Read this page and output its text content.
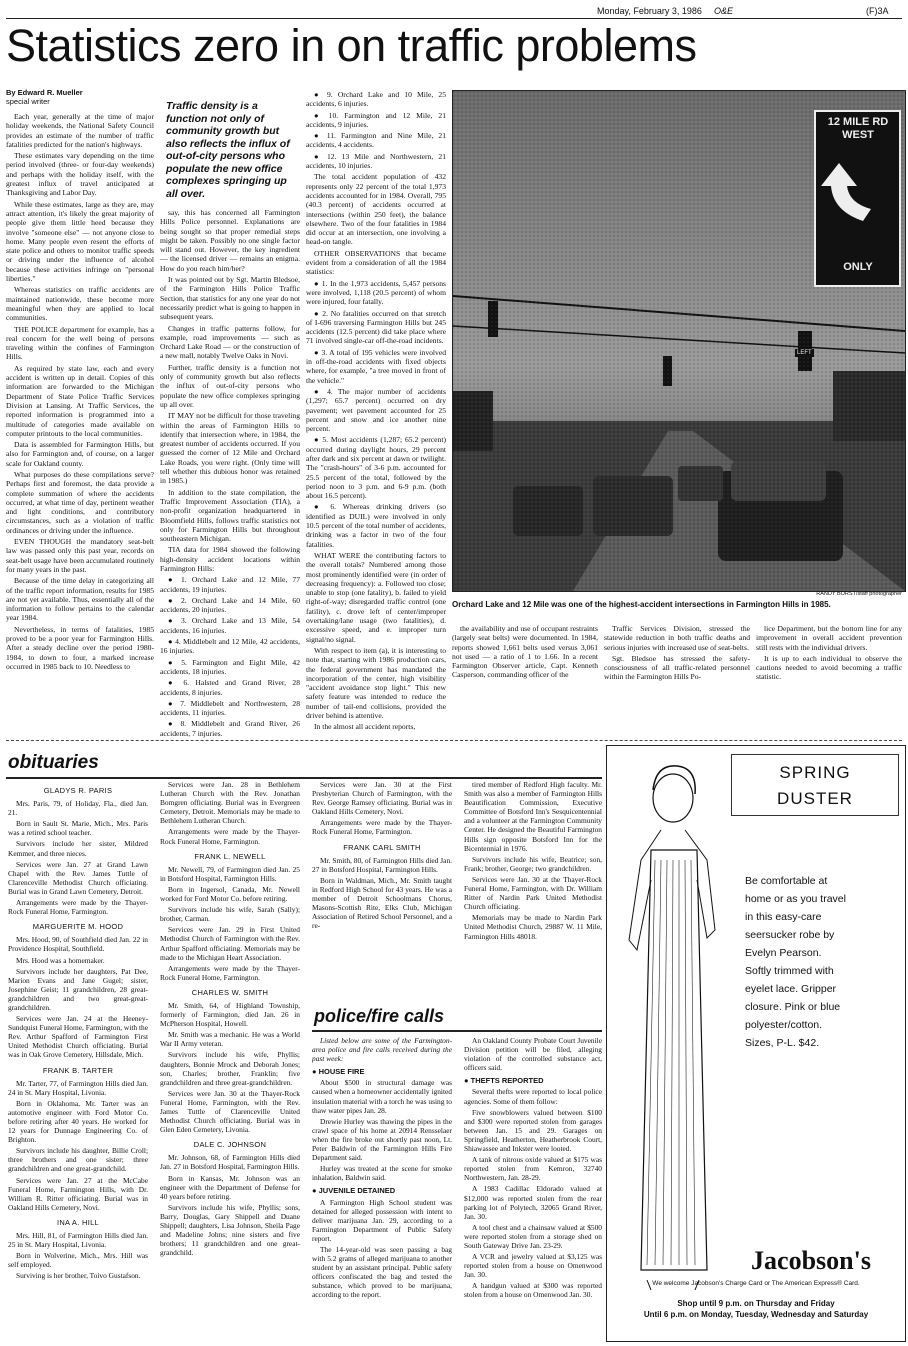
Monday, February 3, 1986 O&E	(F)3A
Statistics zero in on traffic problems
By Edward R. Mueller
special writer

Each year, generally at the time of major holiday weekends, the National Safety Council provides an estimate of the number of traffic fatalities predicted for the nation's highways.

These estimates vary depending on the time period involved (three- or four-day weekends) and perhaps with the holiday itself, with the greatest influx of travel anticipated at Thanksgiving and Labor Day.

While these estimates, large as they are, may attract attention, it's likely the great majority of people give them little heed because they involve "someone else" — not anyone close to home. Many people even resent the efforts of state police and others to monitor traffic speeds or driving under the influence of alcohol because these activities infringe on "personal liberties."

Whereas statistics on traffic accidents are maintained nationwide, these become more meaningful when they are applied to local communities.

THE POLICE department for example, has a real concern for the well being of persons traveling within the confines of Farmington Hills.

As required by state law, each and every accident is written up in detail. Copies of this information are forwarded to the Michigan Department of State Police Traffic Services Division at Lansing. At Traffic Services, the reported information is programmed into a multitude of categories made available on computer printouts to the local communities.

Data is assembled for Farmington Hills, but also for Farmington and, of course, on a larger scale for Oakland county.

What purposes do these compilations serve? Perhaps first and foremost, the data provide a complete summation of where the accidents occurred, at what time of day, pertinent weather and light conditions, and contributory circumstances, such as a violation of traffic ordinances or driving under the influence.

EVEN THOUGH the mandatory seat-belt law was passed only this past year, records on seat-belt usage have been accumulated routinely for many years in the past.

Because of the time delay in categorizing all of the traffic report information, results for 1985 are not yet available. Thus, essentially all of the information to follow pertains to the calendar year 1984.

Nevertheless, in terms of fatalities, 1985 proved to be a poor year for Farmington Hills. After a steady decline over the period 1980-1984, to down to four, a marked increase occurred in 1985 back to 10. Needless to

Traffic density is a function not only of community growth but also reflects the influx of out-of-city persons who populate the new office complexes springing up all over.

say, this has concerned all Farmington Hills Police personnel. Explanations are being sought so that proper remedial steps might be taken. Possibly no one single factor will stand out. However, the key ingredient — the licensed driver — remains an enigma. How do you reach him/her?

It was pointed out by Sgt. Martin Bledsoe, of the Farmington Hills Police Traffic Section, that statistics for any one year do not necessarily predict what is going to happen in subsequent years.

Changes in traffic patterns follow, for example, road improvements — such as Orchard Lake Road — or the construction of a new mall, notably Twelve Oaks in Novi.

Further, traffic density is a function not only of community growth but also reflects the influx of out-of-city persons who populate the new office complexes springing up all over.

IT MAY not be difficult for those traveling within the areas of Farmington Hills to identify that intersection where, in 1984, the greatest number of accidents occurred. If you guessed the corner of 12 Mile and Orchard Lake Roads, you were right. (Only time will tell whether this dubious honor was retained in 1985.)

In addition to the state compilation, the Traffic Improvement Association (TIA), a non-profit organization headquartered in Bloomfield Hills, follows traffic statistics not only for Farmington Hills but throughout southeastern Michigan.

TIA data for 1984 showed the following high-density accident locations within Farmington Hills:

● 1. Orchard Lake and 12 Mile, 77 accidents, 19 injuries.

● 2. Orchard Lake and 14 Mile, 60 accidents, 20 injuries.

● 3. Orchard Lake and 13 Mile, 54 accidents, 16 injuries.

● 4. Middlebelt and 12 Mile, 42 accidents, 16 injuries.

● 5. Farmington and Eight Mile, 42 accidents, 18 injuries.

● 6. Halsted and Grand River, 28 accidents, 8 injuries.

● 7. Middlebelt and Northwestern, 28 accidents, 11 injuries.

● 8. Middlebelt and Grand River, 26 accidents, 7 injuries.

● 9. Orchard Lake and 10 Mile, 25 accidents, 6 injuries.

● 10. Farmington and 12 Mile, 21 accidents, 9 injuries.

● 11. Farmington and Nine Mile, 21 accidents, 4 accidents.

● 12. 13 Mile and Northwestern, 21 accidents, 10 injuries.

The total accident population of 432 represents only 22 percent of the total 1,973 accidents accounted for in 1984. Overall, 795 (40.3 percent) of accidents occurred at intersections (within 250 feet), the balance elsewhere. Two of the four fatalities in 1984 did occur at an intersection, one involving a head-on tangle.

OTHER OBSERVATIONS that became evident from a consideration of all the 1984 statistics:

● 1. In the 1,973 accidents, 5,457 persons were involved, 1,118 (20.5 percent) of whom were injured, four fatally.

● 2. No fatalities occurred on that stretch of I-696 traversing Farmington Hills but 245 accidents (12.5 percent) did take place where 71 involved single-car off-the-road incidents.

● 3. A total of 195 vehicles were involved in off-the-road accidents with fixed objects where, for example, "a tree moved in front of the vehicle."

● 4. The major number of accidents (1,297; 65.7 percent) occurred on dry pavement; wet pavement accounted for 25 percent and snow and ice another nine percent.

● 5. Most accidents (1,287; 65.2 percent) occurred during daylight hours, 29 percent after dark and six percent at dawn or twilight. The "crash-hours" of 3-6 p.m. accounted for 25.5 percent of the total, followed by the period noon to 3 p.m. and 6-9 p.m. (both about 16.5 percent).

● 6. Whereas drinking drivers (so identified as DUIL) were involved in only 10.5 percent of the total number of accidents, drinking was a factor in two of the four fatalities.

WHAT WERE the contributing factors to the overall totals? Numbered among those most prominently identified were (in order of decreasing frequency): a. Followed too close; unable to stop (one fatality), b. failed to yield right-of-way; disregarded traffic control (one fatility), c. drove left of center/improper overtaking/lane usage (two fatalities), d. excessive speed, and e. improper turn signal/no signal.

With respect to item (a), it is interesting to note that, starting with 1986 production cars, the federal government has mandated the incorporation of the center, high visibility "accident avoidance stop light." This new safety feature was intended to reduce the number of tail-end collisions, provided the driver behind is attentive.

In the almost all accident reports,

12 MILE RD
WEST
ONLY
LEFT
RANDY BORST/staff photographer
Orchard Lake and 12 Mile was one of the highest-accident intersections in Farmington Hills in 1985.

the availability and use of occupant restraints (largely seat belts) were documented. In 1984, reports showed 1,661 belts used versus 3,061 not used — a ratio of 1 to 1.66. In a recent Farmington Observer article, Capt. Kenneth Casperson, commanding officer of the

Traffic Services Division, stressed the statewide reduction in both traffic deaths and serious injuries with increased use of seat-belts.

Sgt. Bledsoe has stressed the safety-consciousness of all traffic-related personnel within the Farmington Hills Po-

lice Department, but the bottom line for any improvement in overall accident prevention still rests with the individual drivers.

It is up to each individual to observe the cautions needed to avoid becoming a traffic statistic.

obituaries
GLADYS R. PARIS

Mrs. Paris, 79, of Holiday, Fla., died Jan. 21.

Born in Sault St. Marie, Mich., Mrs. Paris was a retired school teacher.

Survivors include her sister, Mildred Kemmer, and three nieces.

Services were Jan. 27 at Grand Lawn Chapel with the Rev. James Tuttle of Clarenceville Methodist Church officiating. Burial was in Grand Lawn Cemetery, Detroit.

Arrangements were made by the Thayer-Rock Funeral Home, Farmington.

MARGUERITE M. HOOD

Mrs. Hood, 90, of Southfield died Jan. 22 in Providence Hospital, Southfield.

Mrs. Hood was a homemaker.

Survivors include her daughters, Pat Dee, Marion Evans and Jane Gugel; sister, Josephine Geist; 11 grandchildren, 28 great-grandchildren and two great-great-grandchildren.

Services were Jan. 24 at the Heeney-Sundquist Funeral Home, Farmington, with the Rev. Arthur Spafford of Farmington First United Methodist Church officiating. Burial was in Oak Grove Cemetery, Hillsdale, Mich.

FRANK B. TARTER

Mr. Tarter, 77, of Farmington Hills died Jan. 24 in St. Mary Hospital, Livonia.

Born in Oklahoma, Mr. Tarter was an automotive engineer with Ford Motor Co. before retiring after 40 years. He worked for 12 years for Dunnage Engineering Co. of Brighton.

Survivors include his daughter, Billie Croll; three brothers and one sister; three grandchildren and one great-grandchild.

Services were Jan. 27 at the McCabe Funeral Home, Farmington Hills, with Dr. William R. Ritter officiating. Burial was in Oakland Hills Cemetery, Novi.

INA A. HILL

Mrs. Hill, 81, of Farmington Hills died Jan. 25 in St. Mary Hospital, Livonia.

Born in Wolverine, Mich., Mrs. Hill was self employed.

Surviving is her brother, Toivo Gustafson.

Services were Jan. 28 in Bethlehem Lutheran Church with the Rev. Jonathan Bomgren officiating. Burial was in Evergreen Cemetery, Detroit. Memorials may be made to Bethlehem Lutheran Church.

Arrangements were made by the Thayer-Rock Funeral Home, Farmington.

FRANK L. NEWELL

Mr. Newell, 79, of Farmington died Jan. 25 in Botsford Hospital, Farmington Hills.

Born in Ingersol, Canada, Mr. Newell worked for Ford Motor Co. before retiring.

Survivors include his wife, Sarah (Sally); brother, Carman.

Services were Jan. 29 in First United Methodist Church of Farmington with the Rev. Arthur Spafford officiating. Memorials may be made to the Michigan Heart Association.

Arrangements were made by the Thayer-Rock Funeral Home, Farmington.

CHARLES W. SMITH

Mr. Smith, 64, of Highland Township, formerly of Farmington, died Jan. 26 in McPherson Hospital, Howell.

Mr. Smith was a mechanic. He was a World War II Army veteran.

Survivors include his wife, Phyllis; daughters, Bonnie Mrock and Deborah Jones; son, Charles; brother, Franklin; five grandchildren and three great-grandchildren.

Services were Jan. 30 at the Thayer-Rock Funeral Home, Farmington, with the Rev. James Tuttle of Clarenceville United Methodist Church officiating. Burial was in Glen Eden Cemetery, Livonia.

DALE C. JOHNSON

Mr. Johnson, 68, of Farmington Hills died Jan. 27 in Botsford Hospital, Farmington Hills.

Born in Kansas, Mr. Johnson was an engineer with the Department of Defense for 40 years before retiring.

Survivors include his wife, Phyllis; sons, Barry, Douglas, Gary Shippell and Duane Shippell; daughters, Lisa Johnson, Sheila Page and Madeline Johns; nine sisters and five brothers; 11 grandchildren and one great-grandchild.

Services were Jan. 30 at the First Presbyterian Church of Farmington, with the Rev. George Ramsey officiating. Burial was in Oakland Hills Cemetery, Novi.

Arrangements were made by the Thayer-Rock Funeral Home, Farmington.

FRANK CARL SMITH

Mr. Smith, 80, of Farmington Hills died Jan. 27 in Botsford Hospital, Farmington Hills.

Born in Waldman, Mich., Mr. Smith taught in Redford High School for 43 years. He was a member of Detroit Schoolmans Chorus, Masons-Scottish Rite, Elks Club, Michigan Association of Retired School Personnel, and a re-

tired member of Redford High faculty. Mr. Smith was also a member of Farmington Hills Beautification Commission, Executive Committee of Botsford Inn's Sesquicentennial and a volunteer at the Farmington Community Center. He designed the Beautiful Farmington Hills sign opposite Botsford Inn for the Bicentennial in 1976.

Survivors include his wife, Beatrice; son, Frank; brother, George; two grandchildren.

Services were Jan. 30 at the Thayer-Rock Funeral Home, Farmington, with Dr. William Ritter of Nardin Park United Methodist Church officiating.

Memorials may be made to Nardin Park United Methodist Church, 29887 W. 11 Mile, Farmington Hills 48018.

police/fire calls

Listed below are some of the Farmington-area police and fire calls received during the past week:

● HOUSE FIRE

About $500 in structural damage was caused when a homeowner accidentally ignited insulation material with a torch he was using to thaw water pipes Jan. 28.

Drewie Hurley was thawing the pipes in the crawl space of his home at 20914 Rensselaer when the fire broke out shortly past noon, Lt. Peter Baldwin of the Farmington Hills Fire Department said.

Hurley was treated at the scene for smoke inhalation, Baldwin said.

● JUVENILE DETAINED

A Farmington High School student was detained for alleged possession with intent to deliver marijuana Jan. 29, according to a Farmington Department of Public Safety report.

The 14-year-old was seen passing a bag with 5.2 grams of alleged marijuana to another student by an assistant principal. Public safety officers confiscated the bag and tested the substance, which proved to be marijuana, according to the report.

An Oakland County Probate Court Juvenile Division petition will be filed, alleging violation of the controlled substance act, officers said.

● THEFTS REPORTED

Several thefts were reported to local police agencies. Some of them follow:

Five snowblowers valued between $100 and $300 were reported stolen from garages between Jan. 15 and 29. Garages on Springfield, Heatherton, Heatherbrook Court, Shiawassee and Inkster were looted.

A tank of nitrous oxide valued at $175 was reported stolen from Kemron, 32740 Northwestern, Jan. 28-29.

A 1983 Cadillac Eldorado valued at $12,000 was reported stolen from the rear parking lot of Polytech, 32065 Grand River, Jan. 30.

A tool chest and a chainsaw valued at $500 were reported stolen from a storage shed on South Gateway Drive Jan. 23-29.

A VCR and jewelry valued at $3,125 was reported stolen from a house on Omenwood Jan. 30.

A handgun valued at $300 was reported stolen from a house on Omenwood Jan. 30.

SPRING
DUSTER
Be comfortable at
home or as you travel
in this easy-care
seersucker robe by
Evelyn Pearson.
Softly trimmed with
eyelet lace. Gripper
closure. Pink or blue
polyester/cotton.
Sizes, P-L. $42.
Jacobson's
We welcome Jacobson's Charge Card or The American Express® Card.
Shop until 9 p.m. on Thursday and Friday
Until 6 p.m. on Monday, Tuesday, Wednesday and Saturday
